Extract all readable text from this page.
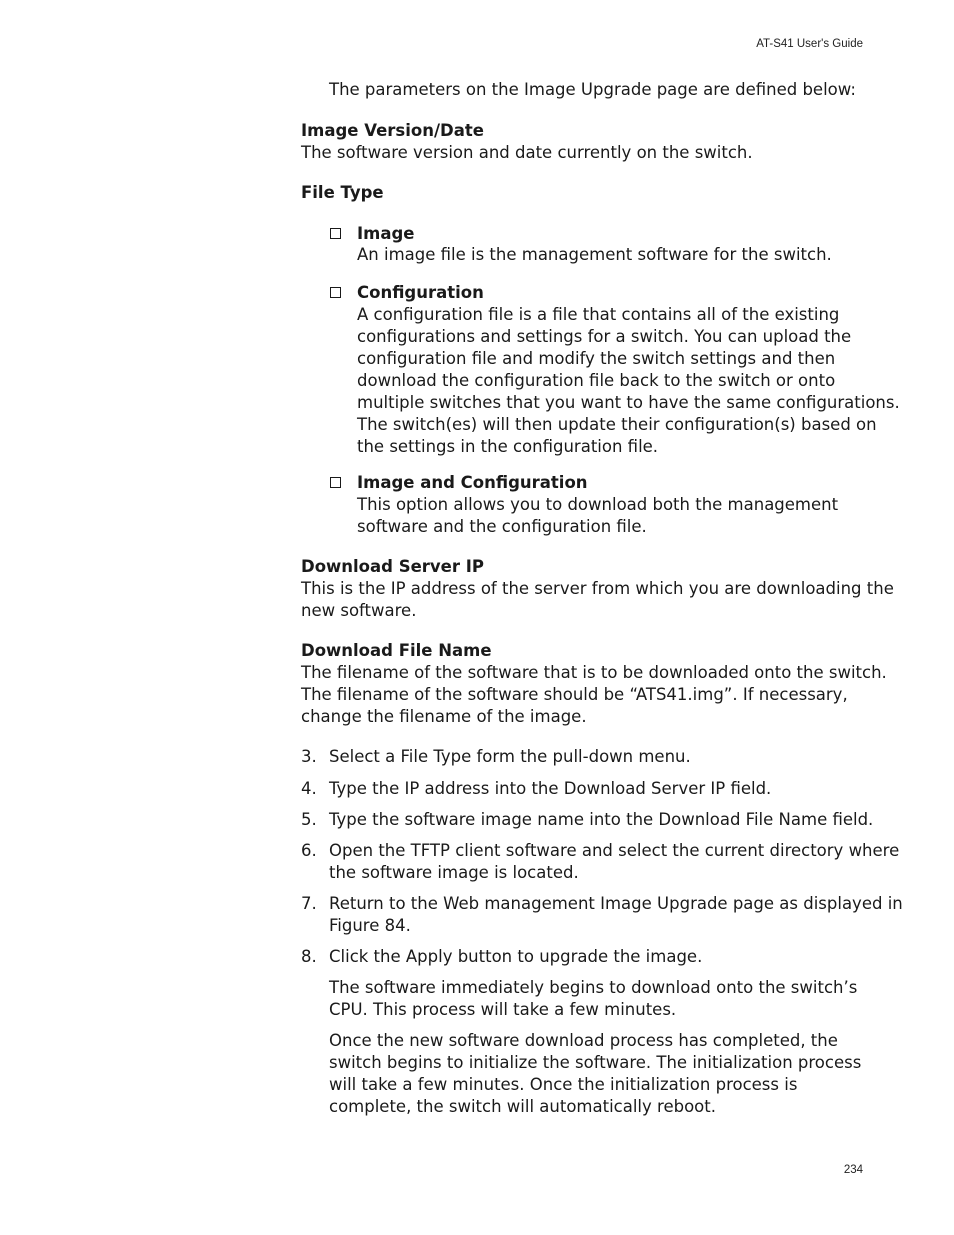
AT-S41 User's Guide
The parameters on the Image Upgrade page are defined below:
Image Version/Date
The software version and date currently on the switch.
File Type
Image
An image file is the management software for the switch.
Configuration
A configuration file is a file that contains all of the existing
configurations and settings for a switch. You can upload the
configuration file and modify the switch settings and then
download the configuration file back to the switch or onto
multiple switches that you want to have the same configurations.
The switch(es) will then update their configuration(s) based on
the settings in the configuration file.
Image and Configuration
This option allows you to download both the management
software and the configuration file.
Download Server IP
This is the IP address of the server from which you are downloading the
new software.
Download File Name
The filename of the software that is to be downloaded onto the switch.
The filename of the software should be “ATS41.img”. If necessary,
change the filename of the image.
3. Select a File Type form the pull-down menu.
4. Type the IP address into the Download Server IP field.
5. Type the software image name into the Download File Name field.
6. Open the TFTP client software and select the current directory where
the software image is located.
7. Return to the Web management Image Upgrade page as displayed in
Figure 84.
8. Click the Apply button to upgrade the image.
The software immediately begins to download onto the switch’s
CPU. This process will take a few minutes.
Once the new software download process has completed, the
switch begins to initialize the software. The initialization process
will take a few minutes. Once the initialization process is
complete, the switch will automatically reboot.
234
